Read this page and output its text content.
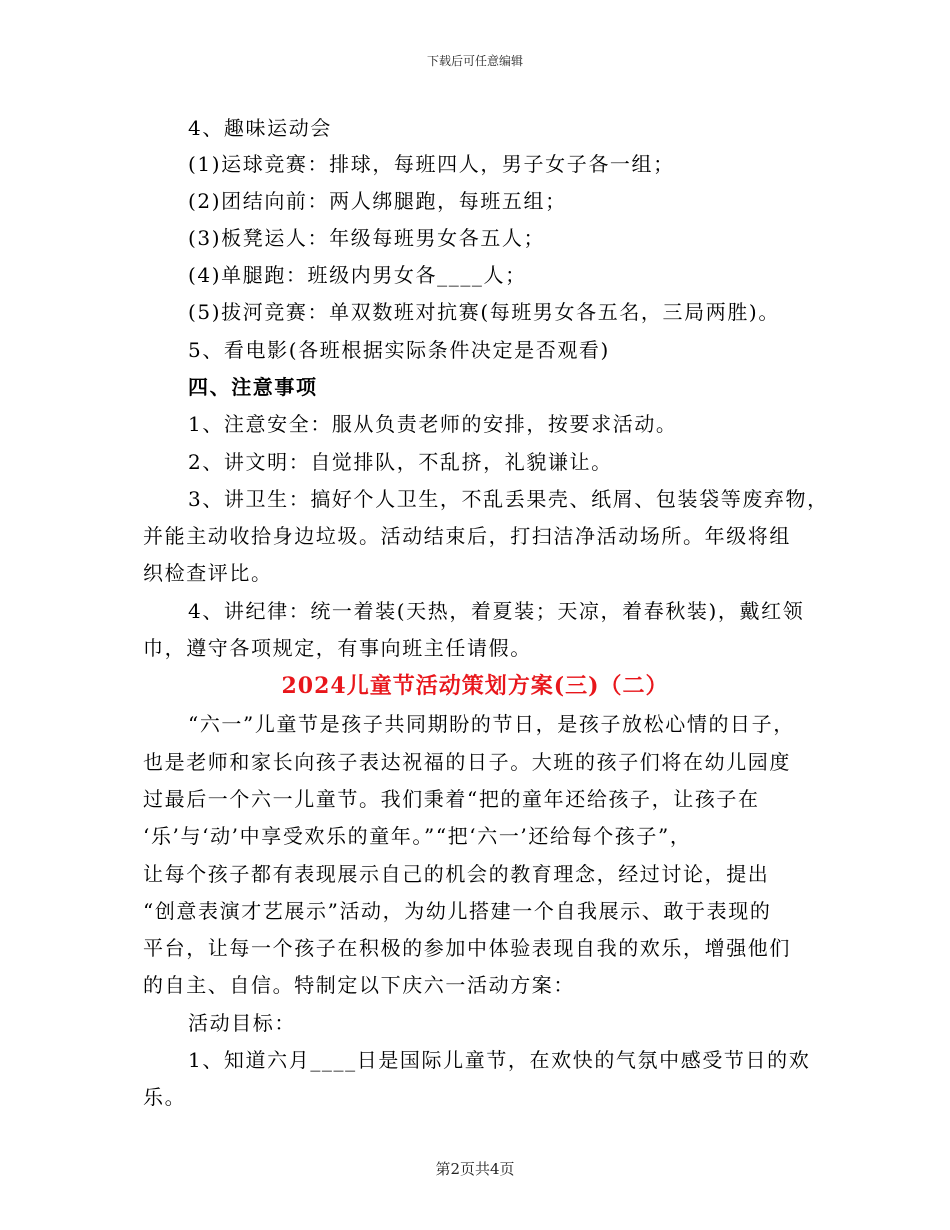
下载后可任意编辑
4、趣味运动会
(1)运球竞赛：排球，每班四人，男子女子各一组；
(2)团结向前：两人绑腿跑，每班五组；
(3)板凳运人：年级每班男女各五人；
(4)单腿跑：班级内男女各____人；
(5)拔河竞赛：单双数班对抗赛(每班男女各五名，三局两胜)。
5、看电影(各班根据实际条件决定是否观看)
四、注意事项
1、注意安全：服从负责老师的安排，按要求活动。
2、讲文明：自觉排队，不乱挤，礼貌谦让。
3、讲卫生：搞好个人卫生，不乱丢果壳、纸屑、包装袋等废弃物，
并能主动收拾身边垃圾。活动结束后，打扫洁净活动场所。年级将组
织检查评比。
4、讲纪律：统一着装(天热，着夏装；天凉，着春秋装)，戴红领
巾，遵守各项规定，有事向班主任请假。
2024儿童节活动策划方案(三)（二）
“六一”儿童节是孩子共同期盼的节日，是孩子放松心情的日子，
也是老师和家长向孩子表达祝福的日子。大班的孩子们将在幼儿园度
过最后一个六一儿童节。我们秉着“把的童年还给孩子，让孩子在
‘乐’与‘动’中享受欢乐的童年。”“把‘六一’还给每个孩子”，
让每个孩子都有表现展示自己的机会的教育理念，经过讨论，提出
“创意表演才艺展示”活动，为幼儿搭建一个自我展示、敢于表现的
平台，让每一个孩子在积极的参加中体验表现自我的欢乐，增强他们
的自主、自信。特制定以下庆六一活动方案：
活动目标：
1、知道六月____日是国际儿童节，在欢快的气氛中感受节日的欢
乐。
第2页共4页
